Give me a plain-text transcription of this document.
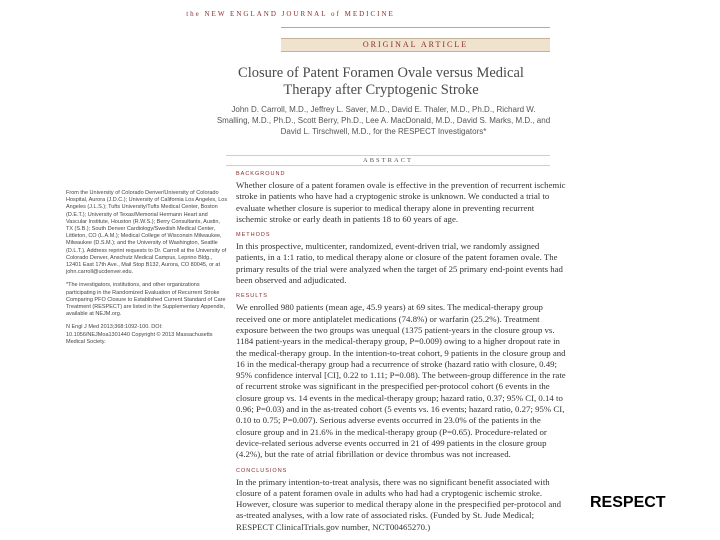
the NEW ENGLAND JOURNAL of MEDICINE
ORIGINAL ARTICLE
Closure of Patent Foramen Ovale versus Medical Therapy after Cryptogenic Stroke
John D. Carroll, M.D., Jeffrey L. Saver, M.D., David E. Thaler, M.D., Ph.D., Richard W. Smalling, M.D., Ph.D., Scott Berry, Ph.D., Lee A. MacDonald, M.D., David S. Marks, M.D., and David L. Tirschwell, M.D., for the RESPECT Investigators*
ABSTRACT

From the University of Colorado Denver/University of Colorado Hospital, Aurora (J.D.C.); University of California Los Angeles, Los Angeles (J.L.S.); Tufts University/Tufts Medical Center, Boston (D.E.T.); University of Texas/Memorial Hermann Heart and Vascular Institute, Houston (R.W.S.); Berry Consultants, Austin, TX (S.B.); South Denver Cardiology/Swedish Medical Center, Littleton, CO (L.A.M.); Medical College of Wisconsin Milwaukee, Milwaukee (D.S.M.); and the University of Washington, Seattle (D.L.T.). Address reprint requests to Dr. Carroll at the University of Colorado Denver, Anschutz Medical Campus, Leprino Bldg., 12401 East 17th Ave., Mail Stop B132, Aurora, CO 80045, or at john.carroll@ucdenver.edu.

*The investigators, institutions, and other organizations participating in the Randomized Evaluation of Recurrent Stroke Comparing PFO Closure to Established Current Standard of Care Treatment (RESPECT) are listed in the Supplementary Appendix, available at NEJM.org.

N Engl J Med 2013;368:1092-100. DOI: 10.1056/NEJMoa1301440 Copyright © 2013 Massachusetts Medical Society.

BACKGROUND

Whether closure of a patent foramen ovale is effective in the prevention of recurrent ischemic stroke in patients who have had a cryptogenic stroke is unknown. We conducted a trial to evaluate whether closure is superior to medical therapy alone in preventing recurrent ischemic stroke or early death in patients 18 to 60 years of age.

METHODS

In this prospective, multicenter, randomized, event-driven trial, we randomly assigned patients, in a 1:1 ratio, to medical therapy alone or closure of the patent foramen ovale. The primary results of the trial were analyzed when the target of 25 primary end-point events had been observed and adjudicated.

RESULTS

We enrolled 980 patients (mean age, 45.9 years) at 69 sites. The medical-therapy group received one or more antiplatelet medications (74.8%) or warfarin (25.2%). Treatment exposure between the two groups was unequal (1375 patient-years in the closure group vs. 1184 patient-years in the medical-therapy group, P=0.009) owing to a higher dropout rate in the medical-therapy group. In the intention-to-treat cohort, 9 patients in the closure group and 16 in the medical-therapy group had a recurrence of stroke (hazard ratio with closure, 0.49; 95% confidence interval [CI], 0.22 to 1.11; P=0.08). The between-group difference in the rate of recurrent stroke was significant in the prespecified per-protocol cohort (6 events in the closure group vs. 14 events in the medical-therapy group; hazard ratio, 0.37; 95% CI, 0.14 to 0.96; P=0.03) and in the as-treated cohort (5 events vs. 16 events; hazard ratio, 0.27; 95% CI, 0.10 to 0.75; P=0.007). Serious adverse events occurred in 23.0% of the patients in the closure group and in 21.6% in the medical-therapy group (P=0.65). Procedure-related or device-related serious adverse events occurred in 21 of 499 patients in the closure group (4.2%), but the rate of atrial fibrillation or device thrombus was not increased.

CONCLUSIONS

In the primary intention-to-treat analysis, there was no significant benefit associated with closure of a patent foramen ovale in adults who had had a cryptogenic ischemic stroke. However, closure was superior to medical therapy alone in the prespecified per-protocol and as-treated analyses, with a low rate of associated risks. (Funded by St. Jude Medical; RESPECT ClinicalTrials.gov number, NCT00465270.)

RESPECT
